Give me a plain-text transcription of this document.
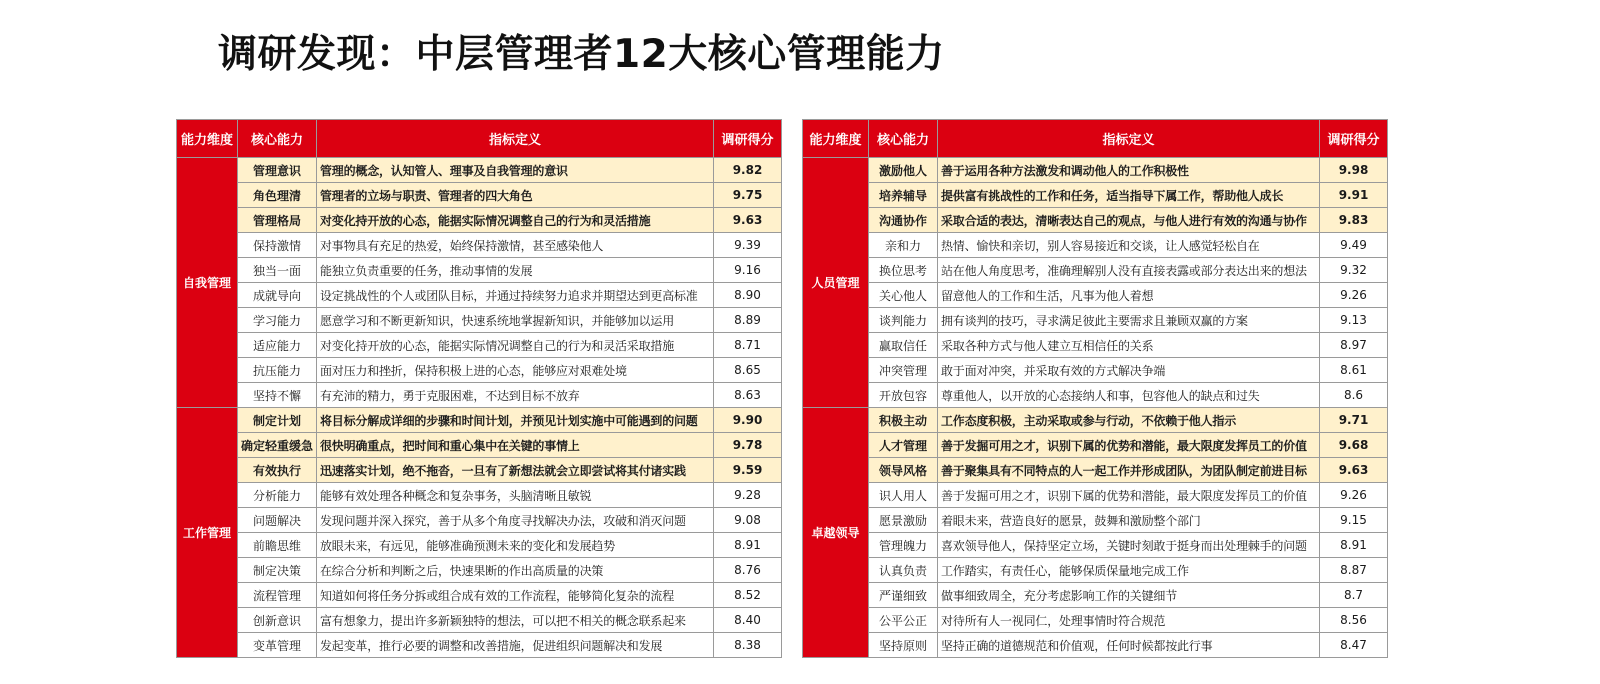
调研发现：中层管理者12大核心管理能力
能力维度	核心能力	指标定义	调研得分
自我管理	管理意识	管理的概念，认知管人、理事及自我管理的意识	9.82
	角色理清	管理者的立场与职责、管理者的四大角色	9.75
	管理格局	对变化持开放的心态，能据实际情况调整自己的行为和灵活措施	9.63
	保持激情	对事物具有充足的热爱，始终保持激情，甚至感染他人	9.39
	独当一面	能独立负责重要的任务，推动事情的发展	9.16
	成就导向	设定挑战性的个人或团队目标，并通过持续努力追求并期望达到更高标准	8.90
	学习能力	愿意学习和不断更新知识，快速系统地掌握新知识，并能够加以运用	8.89
	适应能力	对变化持开放的心态，能据实际情况调整自己的行为和灵活采取措施	8.71
	抗压能力	面对压力和挫折，保持积极上进的心态，能够应对艰难处境	8.65
	坚持不懈	有充沛的精力，勇于克服困难，不达到目标不放弃	8.63
工作管理	制定计划	将目标分解成详细的步骤和时间计划，并预见计划实施中可能遇到的问题	9.90
	确定轻重缓急	很快明确重点，把时间和重心集中在关键的事情上	9.78
	有效执行	迅速落实计划，绝不拖沓，一旦有了新想法就会立即尝试将其付诸实践	9.59
	分析能力	能够有效处理各种概念和复杂事务，头脑清晰且敏锐	9.28
	问题解决	发现问题并深入探究，善于从多个角度寻找解决办法，攻破和消灭问题	9.08
	前瞻思维	放眼未来，有远见，能够准确预测未来的变化和发展趋势	8.91
	制定决策	在综合分析和判断之后，快速果断的作出高质量的决策	8.76
	流程管理	知道如何将任务分拆或组合成有效的工作流程，能够简化复杂的流程	8.52
	创新意识	富有想象力，提出许多新颖独特的想法，可以把不相关的概念联系起来	8.40
	变革管理	发起变革，推行必要的调整和改善措施，促进组织问题解决和发展	8.38
能力维度	核心能力	指标定义	调研得分
人员管理	激励他人	善于运用各种方法激发和调动他人的工作积极性	9.98
	培养辅导	提供富有挑战性的工作和任务，适当指导下属工作，帮助他人成长	9.91
	沟通协作	采取合适的表达，清晰表达自己的观点，与他人进行有效的沟通与协作	9.83
	亲和力	热情、愉快和亲切，别人容易接近和交谈，让人感觉轻松自在	9.49
	换位思考	站在他人角度思考，准确理解别人没有直接表露或部分表达出来的想法	9.32
	关心他人	留意他人的工作和生活，凡事为他人着想	9.26
	谈判能力	拥有谈判的技巧，寻求满足彼此主要需求且兼顾双赢的方案	9.13
	赢取信任	采取各种方式与他人建立互相信任的关系	8.97
	冲突管理	敢于面对冲突，并采取有效的方式解决争端	8.61
	开放包容	尊重他人，以开放的心态接纳人和事，包容他人的缺点和过失	8.6
卓越领导	积极主动	工作态度积极，主动采取或参与行动，不依赖于他人指示	9.71
	人才管理	善于发掘可用之才，识别下属的优势和潜能，最大限度发挥员工的价值	9.68
	领导风格	善于聚集具有不同特点的人一起工作并形成团队，为团队制定前进目标	9.63
	识人用人	善于发掘可用之才，识别下属的优势和潜能，最大限度发挥员工的价值	9.26
	愿景激励	着眼未来，营造良好的愿景，鼓舞和激励整个部门	9.15
	管理魄力	喜欢领导他人，保持坚定立场，关键时刻敢于挺身而出处理棘手的问题	8.91
	认真负责	工作踏实，有责任心，能够保质保量地完成工作	8.87
	严谨细致	做事细致周全，充分考虑影响工作的关键细节	8.7
	公平公正	对待所有人一视同仁，处理事情时符合规范	8.56
	坚持原则	坚持正确的道德规范和价值观，任何时候都按此行事	8.47
